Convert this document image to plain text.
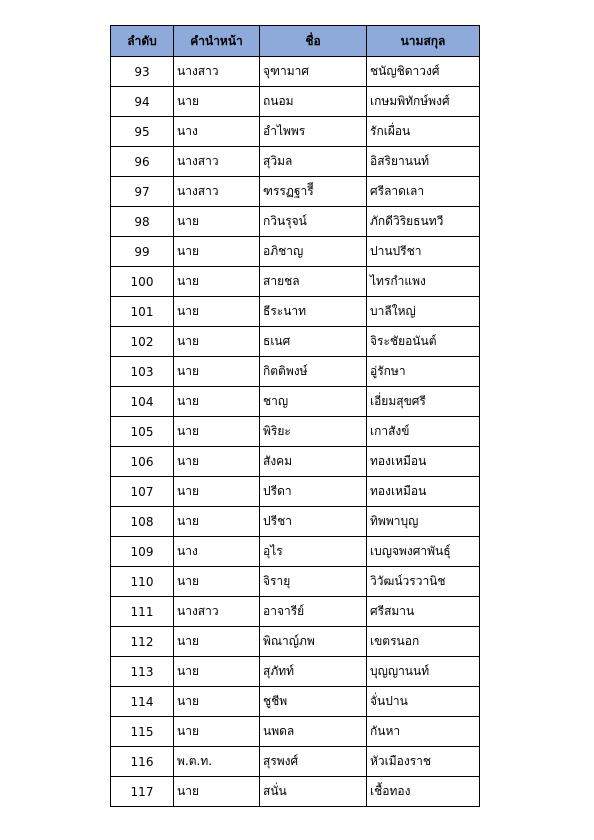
ลำดับ	คำนำหน้า	ชื่อ	นามสกุล
93	นางสาว	จุฑามาศ	ชนัญชิดาวงศ์
94	นาย	ถนอม	เกษมพิทักษ์พงศ์
95	นาง	อำไพพร	รักเผื่อน
96	นางสาว	สุวิมล	อิสริยานนท์
97	นางสาว	ฑรรฏฐารีี	ศรีลาดเลา
98	นาย	กวินรุจน์	ภักดีวิริยธนทวี
99	นาย	อภิชาญ	ปานปรีชา
100	นาย	สายชล	ไทรกำแพง
101	นาย	ธีระนาท	บาลีใหญ่
102	นาย	ธเนศ	จิระชัยอนันต์
103	นาย	กิตติพงษ์	อู่รักษา
104	นาย	ชาญ	เอี่ยมสุขศรี
105	นาย	พิริยะ	เกาสังข์
106	นาย	สังคม	ทองเหมือน
107	นาย	ปรีดา	ทองเหมือน
108	นาย	ปรีชา	ทิพพาบุญ
109	นาง	อุไร	เบญจพงศาพันธุ์
110	นาย	จิรายุ	วิวัฒน์วรวานิช
111	นางสาว	อาจารีย์	ศรีสมาน
112	นาย	พิณาญ์ภพ	เขตรนอก
113	นาย	สุภัทท์	บุญญานนท์
114	นาย	ชูชีพ	จั่นปาน
115	นาย	นพดล	กันหา
116	พ.ต.ท.	สุรพงศ์	หัวเมืองราช
117	นาย	สนั่น	เชื้อทอง
